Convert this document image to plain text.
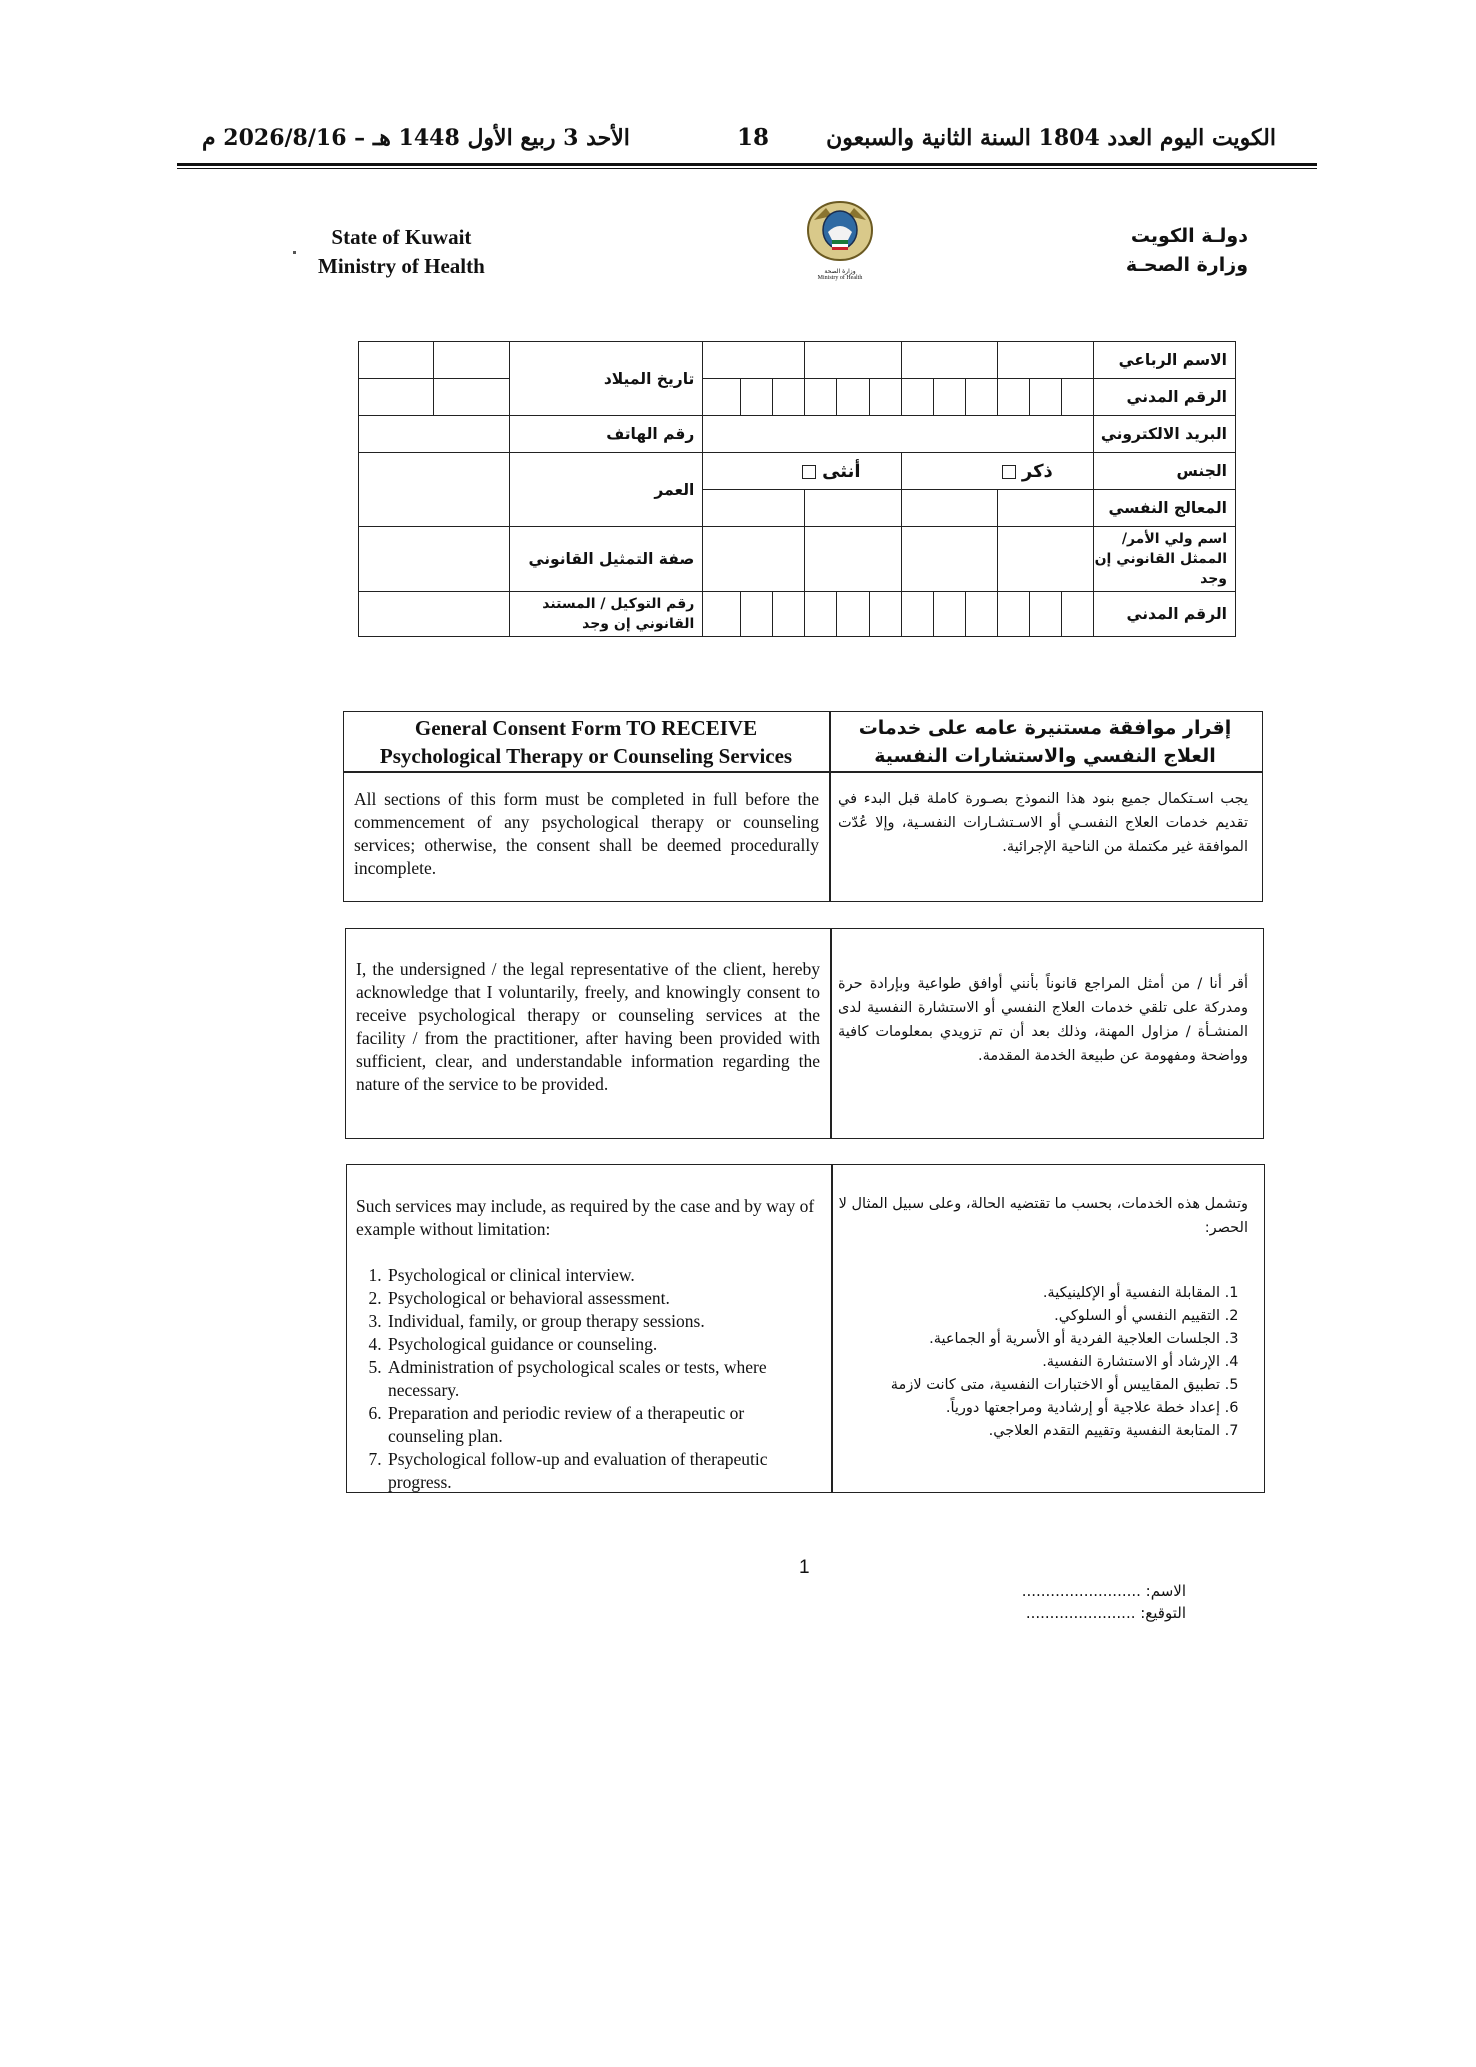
الكويت اليوم العدد 1804 السنة الثانية والسبعون
18
الأحد 3 ربيع الأول 1448 هـ – 2026/8/16 م
State of Kuwait
Ministry of Health
دولـة الكويت
وزارة الصحـة
وزارة الصحة
Ministry of Health
		تاريخ الميلاد													الاسم الرباعي
															الرقم المدني
		رقم الهاتف													البريد الالكتروني
		العمر	أنثى						ذكر						الجنس
															المعالج النفسي
		صفة التمثيل القانوني													اسم ولي الأمر/ الممثل القانوني إن وجد
		رقم التوكيل / المستند القانوني إن وجد													الرقم المدني
General Consent Form TO RECEIVE
Psychological Therapy or Counseling Services
إقرار موافقة مستنيرة عامه على خدمات العلاج النفسي والاستشارات النفسية
All sections of this form must be completed in full before the commencement of any psychological therapy or counseling services; otherwise, the consent shall be deemed procedurally incomplete.
يجب اسـتكمال جميع بنود هذا النموذج بصـورة كاملة قبل البدء في تقديم خدمات العلاج النفسـي أو الاسـتشـارات النفسـية، وإلا عُدّت الموافقة غير مكتملة من الناحية الإجرائية.
I, the undersigned / the legal representative of the client, hereby acknowledge that I voluntarily, freely, and knowingly consent to receive psychological therapy or counseling services at the facility / from the practitioner, after having been provided with sufficient, clear, and understandable information regarding the nature of the service to be provided.
أقر أنا / من أمثل المراجع قانوناً بأنني أوافق طواعية وبإرادة حرة ومدركة على تلقي خدمات العلاج النفسي أو الاستشارة النفسية لدى المنشـأة / مزاول المهنة، وذلك بعد أن تم تزويدي بمعلومات كافية وواضحة ومفهومة عن طبيعة الخدمة المقدمة.
Such services may include, as required by the case and by way of example without limitation:
1. Psychological or clinical interview.
2. Psychological or behavioral assessment.
3. Individual, family, or group therapy sessions.
4. Psychological guidance or counseling.
5. Administration of psychological scales or tests, where necessary.
6. Preparation and periodic review of a therapeutic or counseling plan.
7. Psychological follow-up and evaluation of therapeutic progress.
وتشمل هذه الخدمات، بحسب ما تقتضيه الحالة، وعلى سبيل المثال لا الحصر:
1. المقابلة النفسية أو الإكلينيكية.
2. التقييم النفسي أو السلوكي.
3. الجلسات العلاجية الفردية أو الأسرية أو الجماعية.
4. الإرشاد أو الاستشارة النفسية.
5. تطبيق المقاييس أو الاختبارات النفسية، متى كانت لازمة
6. إعداد خطة علاجية أو إرشادية ومراجعتها دورياً.
7. المتابعة النفسية وتقييم التقدم العلاجي.
1
الاسم: .........................
التوقيع: .......................
